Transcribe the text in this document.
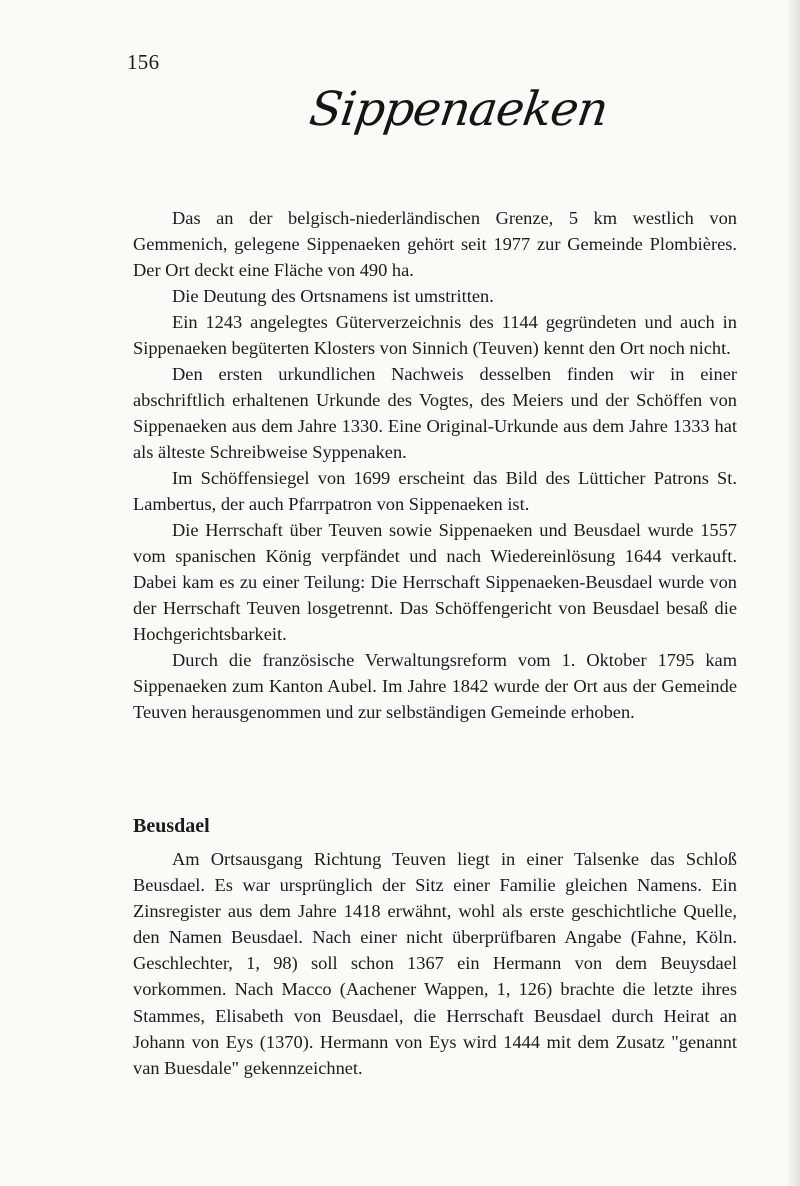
156
Sippenaeken

Das an der belgisch-niederländischen Grenze, 5 km westlich von Gemmenich, gelegene Sippenaeken gehört seit 1977 zur Gemeinde Plombières. Der Ort deckt eine Fläche von 490 ha.

Die Deutung des Ortsnamens ist umstritten.

Ein 1243 angelegtes Güterverzeichnis des 1144 gegründeten und auch in Sippenaeken begüterten Klosters von Sinnich (Teuven) kennt den Ort noch nicht.

Den ersten urkundlichen Nachweis desselben finden wir in einer abschriftlich erhaltenen Urkunde des Vogtes, des Meiers und der Schöffen von Sippenaeken aus dem Jahre 1330. Eine Original-Urkunde aus dem Jahre 1333 hat als älteste Schreibweise Syppenaken.

Im Schöffensiegel von 1699 erscheint das Bild des Lütticher Patrons St. Lambertus, der auch Pfarrpatron von Sippenaeken ist.

Die Herrschaft über Teuven sowie Sippenaeken und Beusdael wurde 1557 vom spanischen König verpfändet und nach Wiedereinlösung 1644 verkauft. Dabei kam es zu einer Teilung: Die Herrschaft Sippenaeken-Beusdael wurde von der Herrschaft Teuven losgetrennt. Das Schöffengericht von Beusdael besaß die Hochgerichtsbarkeit.

Durch die französische Verwaltungsreform vom 1. Oktober 1795 kam Sippenaeken zum Kanton Aubel. Im Jahre 1842 wurde der Ort aus der Gemeinde Teuven herausgenommen und zur selbständigen Gemeinde erhoben.

Beusdael

Am Ortsausgang Richtung Teuven liegt in einer Talsenke das Schloß Beusdael. Es war ursprünglich der Sitz einer Familie gleichen Namens. Ein Zinsregister aus dem Jahre 1418 erwähnt, wohl als erste geschichtliche Quelle, den Namen Beusdael. Nach einer nicht überprüfbaren Angabe (Fahne, Köln. Geschlechter, 1, 98) soll schon 1367 ein Hermann von dem Beuysdael vorkommen. Nach Macco (Aachener Wappen, 1, 126) brachte die letzte ihres Stammes, Elisabeth von Beusdael, die Herrschaft Beusdael durch Heirat an Johann von Eys (1370). Hermann von Eys wird 1444 mit dem Zusatz "genannt van Buesdale" gekennzeichnet.
